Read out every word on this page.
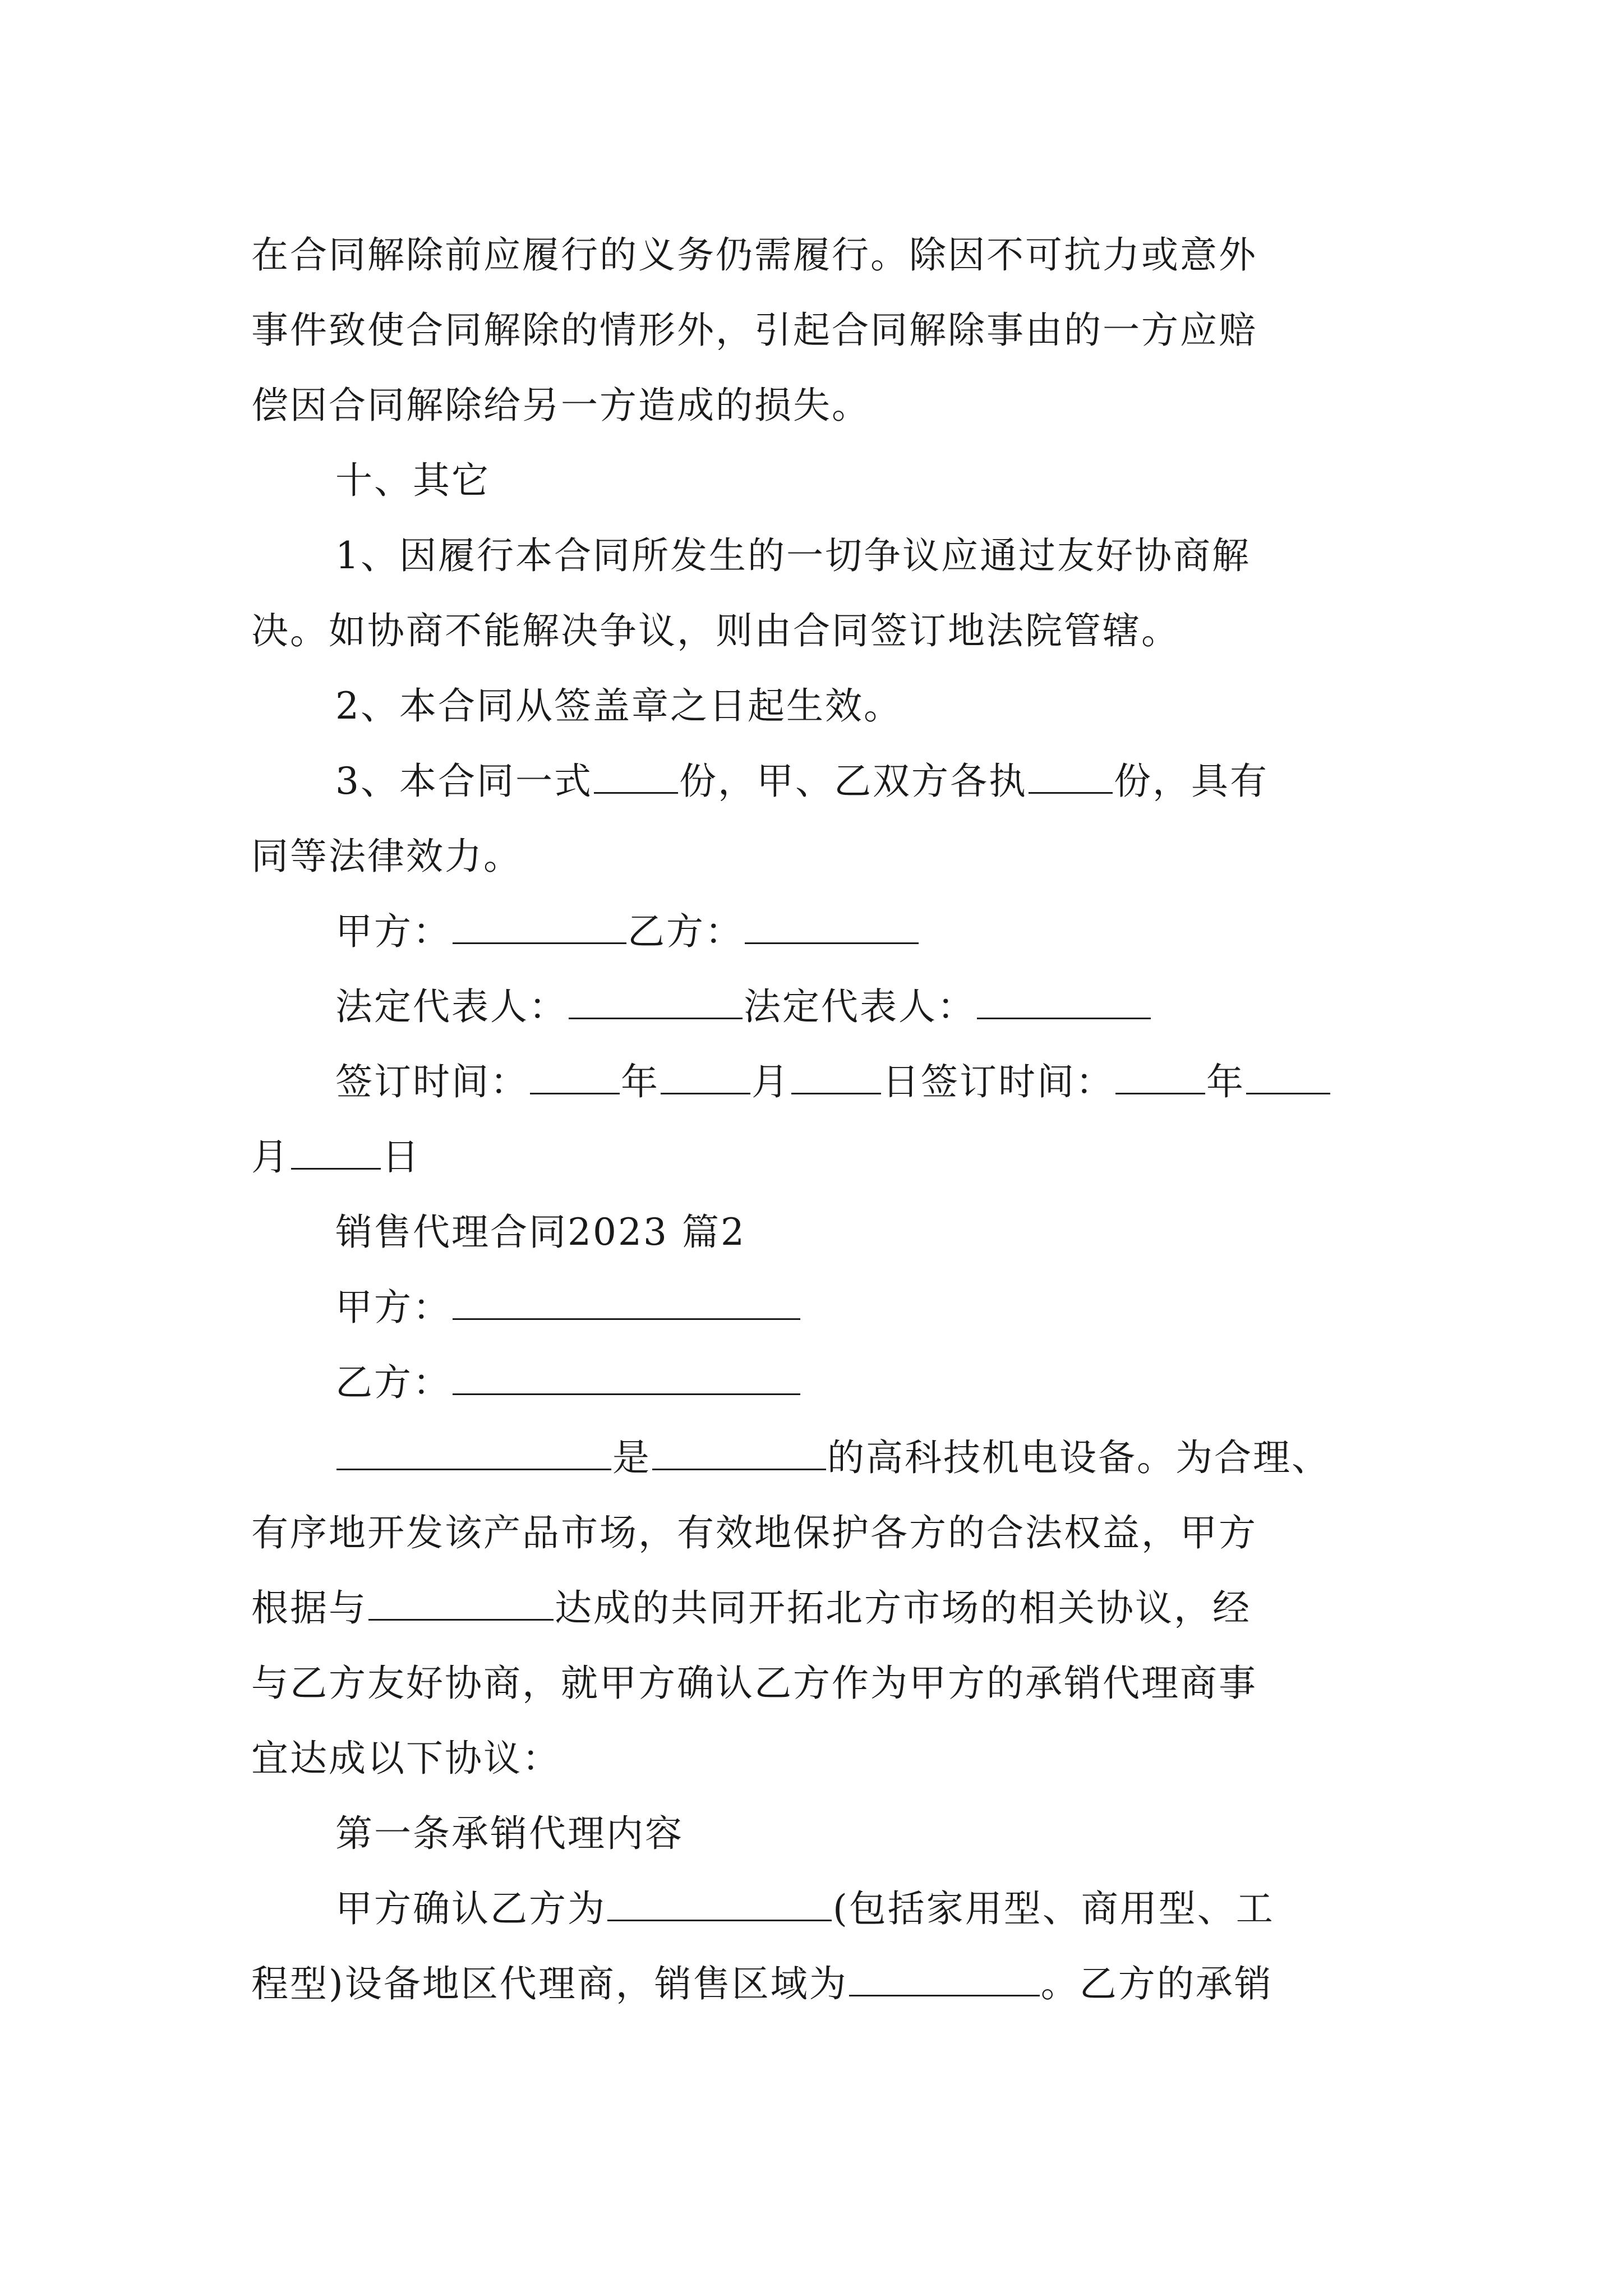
在合同解除前应履行的义务仍需履行。除因不可抗力或意外
事件致使合同解除的情形外，引起合同解除事由的一方应赔
偿因合同解除给另一方造成的损失。
十、其它
1、因履行本合同所发生的一切争议应通过友好协商解
决。如协商不能解决争议，则由合同签订地法院管辖。
2、本合同从签盖章之日起生效。
3、本合同一式 份，甲、乙双方各执 份，具有
同等法律效力。
甲方：	乙方：
法定代表人：	法定代表人：
签订时间： 年 月 日签订时间： 年
月 日
销售代理合同2023 篇2
甲方：
乙方：
是	的高科技机电设备。为合理、
有序地开发该产品市场，有效地保护各方的合法权益，甲方
根据与	达成的共同开拓北方市场的相关协议，经
与乙方友好协商，就甲方确认乙方作为甲方的承销代理商事
宜达成以下协议：
第一条承销代理内容
甲方确认乙方为	(包括家用型、商用型、工
程型)设备地区代理商，销售区域为	。乙方的承销
